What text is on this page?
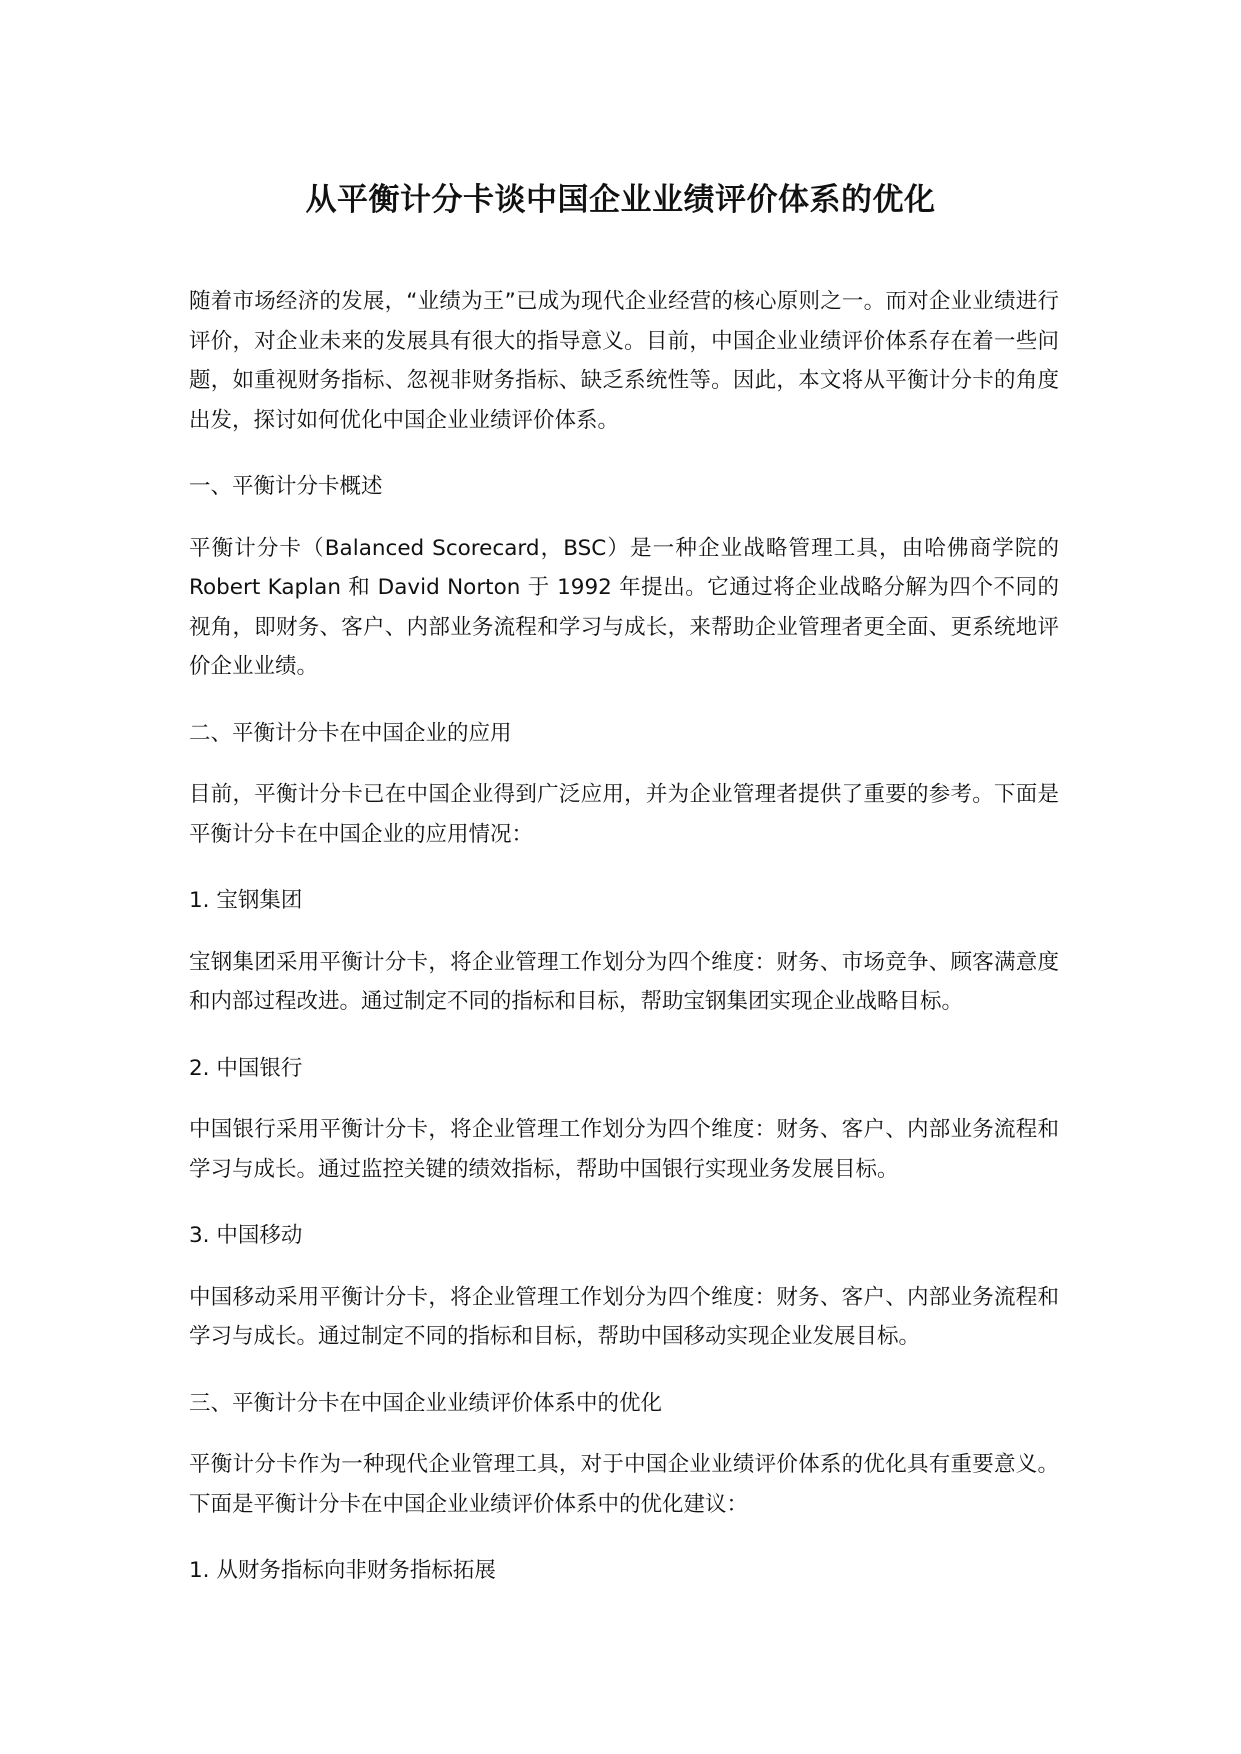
从平衡计分卡谈中国企业业绩评价体系的优化

随着市场经济的发展，“业绩为王”已成为现代企业经营的核心原则之一。而对企业业绩进行评价，对企业未来的发展具有很大的指导意义。目前，中国企业业绩评价体系存在着一些问题，如重视财务指标、忽视非财务指标、缺乏系统性等。因此，本文将从平衡计分卡的角度出发，探讨如何优化中国企业业绩评价体系。

一、平衡计分卡概述

平衡计分卡（Balanced Scorecard，BSC）是一种企业战略管理工具，由哈佛商学院的 Robert Kaplan 和 David Norton 于 1992 年提出。它通过将企业战略分解为四个不同的视角，即财务、客户、内部业务流程和学习与成长，来帮助企业管理者更全面、更系统地评价企业业绩。

二、平衡计分卡在中国企业的应用

目前，平衡计分卡已在中国企业得到广泛应用，并为企业管理者提供了重要的参考。下面是平衡计分卡在中国企业的应用情况：

1. 宝钢集团

宝钢集团采用平衡计分卡，将企业管理工作划分为四个维度：财务、市场竞争、顾客满意度和内部过程改进。通过制定不同的指标和目标，帮助宝钢集团实现企业战略目标。

2. 中国银行

中国银行采用平衡计分卡，将企业管理工作划分为四个维度：财务、客户、内部业务流程和学习与成长。通过监控关键的绩效指标，帮助中国银行实现业务发展目标。

3. 中国移动

中国移动采用平衡计分卡，将企业管理工作划分为四个维度：财务、客户、内部业务流程和学习与成长。通过制定不同的指标和目标，帮助中国移动实现企业发展目标。

三、平衡计分卡在中国企业业绩评价体系中的优化

平衡计分卡作为一种现代企业管理工具，对于中国企业业绩评价体系的优化具有重要意义。下面是平衡计分卡在中国企业业绩评价体系中的优化建议：

1. 从财务指标向非财务指标拓展
